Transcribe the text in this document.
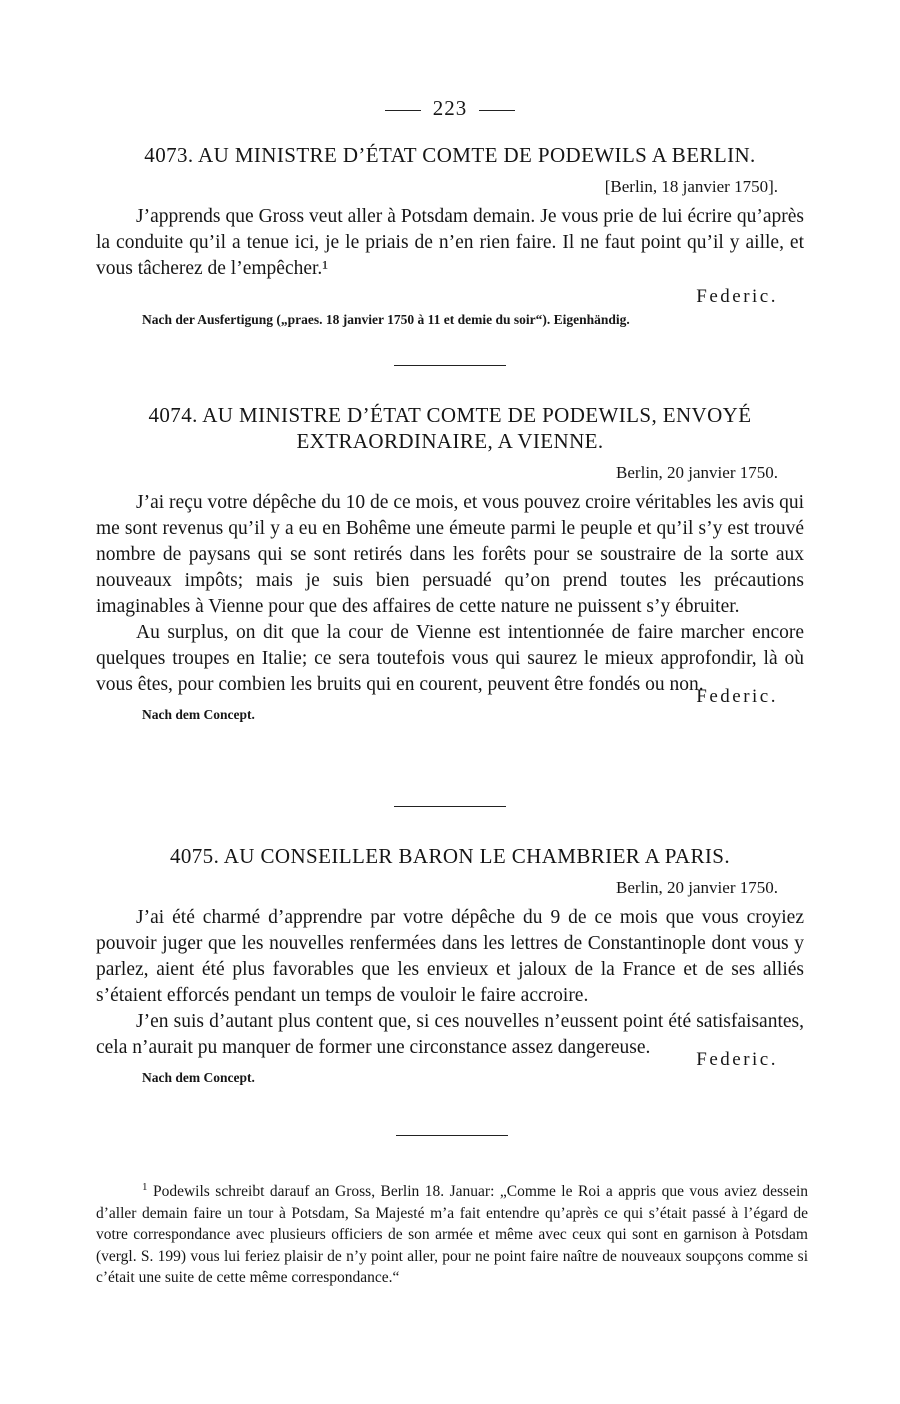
223

4073. AU MINISTRE D’ÉTAT COMTE DE PODEWILS A BERLIN.

[Berlin, 18 janvier 1750].

J’apprends que Gross veut aller à Potsdam demain. Je vous prie de lui écrire qu’après la conduite qu’il a tenue ici, je le priais de n’en rien faire. Il ne faut point qu’il y aille, et vous tâcherez de l’empêcher.¹

Federic.
Nach der Ausfertigung („praes. 18 janvier 1750 à 11 et demie du soir“). Eigenhändig.

4074. AU MINISTRE D’ÉTAT COMTE DE PODEWILS, ENVOYÉ

EXTRAORDINAIRE, A VIENNE.

Berlin, 20 janvier 1750.

J’ai reçu votre dépêche du 10 de ce mois, et vous pouvez croire véritables les avis qui me sont revenus qu’il y a eu en Bohême une émeute parmi le peuple et qu’il s’y est trouvé nombre de paysans qui se sont retirés dans les forêts pour se soustraire de la sorte aux nouveaux impôts; mais je suis bien persuadé qu’on prend toutes les précautions imaginables à Vienne pour que des affaires de cette nature ne puissent s’y ébruiter.

Au surplus, on dit que la cour de Vienne est intentionnée de faire marcher encore quelques troupes en Italie; ce sera toutefois vous qui saurez le mieux approfondir, là où vous êtes, pour combien les bruits qui en courent, peuvent être fondés ou non.

Federic.
Nach dem Concept.

4075. AU CONSEILLER BARON LE CHAMBRIER A PARIS.

Berlin, 20 janvier 1750.

J’ai été charmé d’apprendre par votre dépêche du 9 de ce mois que vous croyiez pouvoir juger que les nouvelles renfermées dans les lettres de Constantinople dont vous y parlez, aient été plus favorables que les envieux et jaloux de la France et de ses alliés s’étaient efforcés pendant un temps de vouloir le faire accroire.

J’en suis d’autant plus content que, si ces nouvelles n’eussent point été satisfaisantes, cela n’aurait pu manquer de former une circonstance assez dangereuse.

Federic.
Nach dem Concept.

$^1$ Podewils schreibt darauf an Gross, Berlin 18. Januar: „Comme le Roi a appris que vous aviez dessein d’aller demain faire un tour à Potsdam, Sa Majesté m’a fait entendre qu’après ce qui s’était passé à l’égard de votre correspondance avec plusieurs officiers de son armée et même avec ceux qui sont en garnison à Potsdam (vergl. S. 199) vous lui feriez plaisir de n’y point aller, pour ne point faire naître de nouveaux soupçons comme si c’était une suite de cette même correspondance.“
